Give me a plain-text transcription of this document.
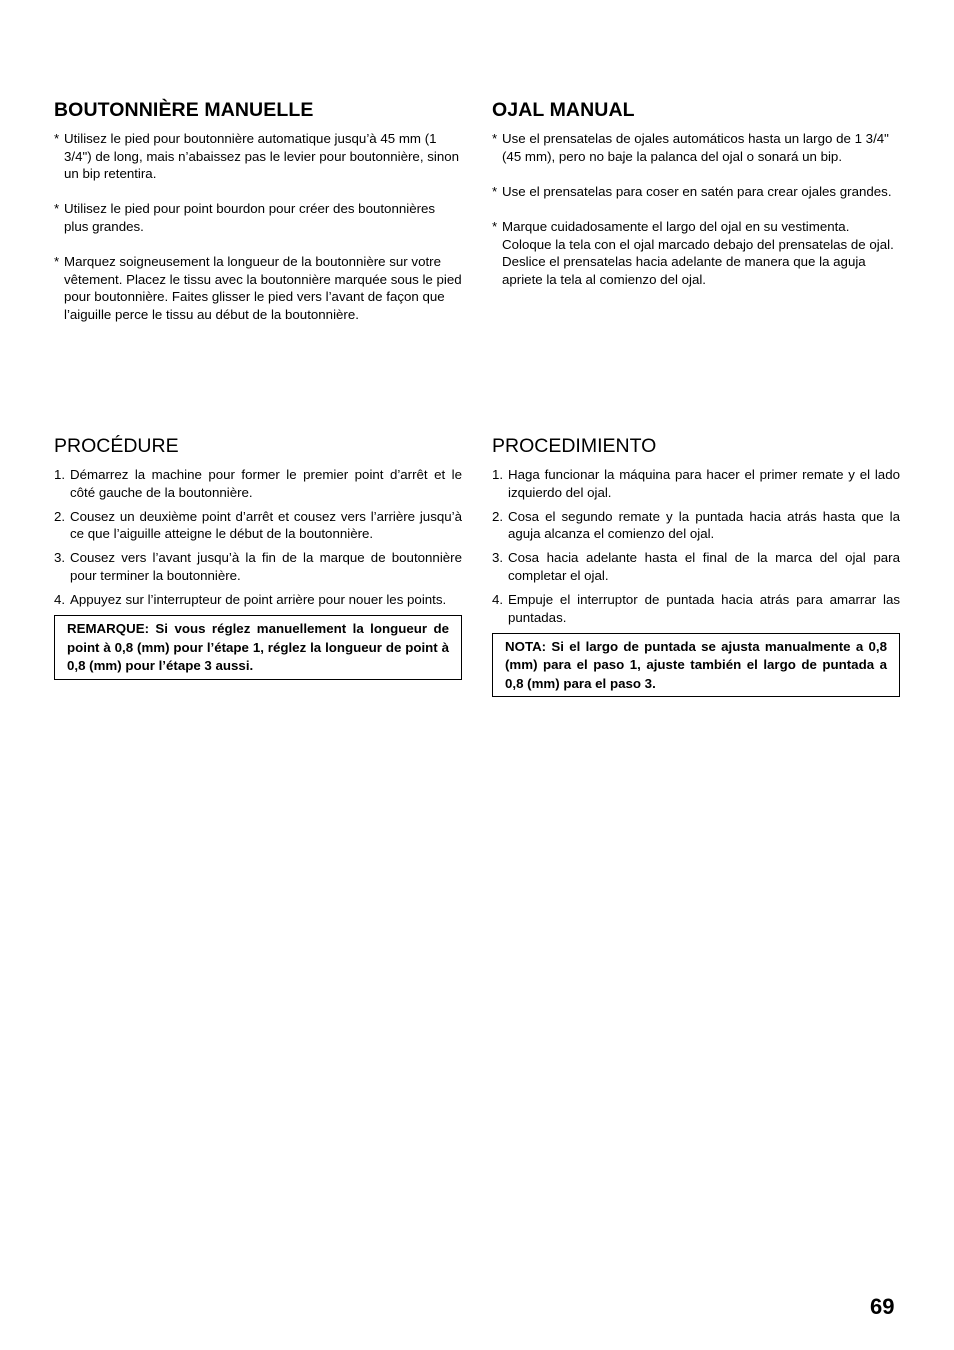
BOUTONNIÈRE MANUELLE
* Utilisez le pied pour boutonnière automatique jusqu’à 45 mm (1 3/4") de long, mais n’abaissez pas le levier pour boutonnière, sinon un bip retentira.
* Utilisez le pied pour point bourdon pour créer des boutonnières plus grandes.
* Marquez soigneusement la longueur de la boutonnière sur votre vêtement. Placez le tissu avec la boutonnière marquée sous le pied pour boutonnière. Faites glisser le pied vers l’avant de façon que l’aiguille perce le tissu au début de la boutonnière.
PROCÉDURE
1. Démarrez la machine pour former le premier point d’arrêt et le côté gauche de la boutonnière.
2. Cousez un deuxième point d’arrêt et cousez vers l’arrière jusqu’à ce que l’aiguille atteigne le début de la boutonnière.
3. Cousez vers l’avant jusqu’à la fin de la marque de boutonnière pour terminer la boutonnière.
4. Appuyez sur l’interrupteur de point arrière pour nouer les points.
REMARQUE: Si vous réglez manuellement la longueur de point à 0,8 (mm) pour l’étape 1, réglez la longueur de point à 0,8 (mm) pour l’étape 3 aussi.
OJAL MANUAL
* Use el prensatelas de ojales automáticos hasta un largo de 1 3/4" (45 mm), pero no baje la palanca del ojal o sonará un bip.
* Use el prensatelas para coser en satén para crear ojales grandes.
* Marque cuidadosamente el largo del ojal en su vestimenta. Coloque la tela con el ojal marcado debajo del prensatelas de ojal. Deslice el prensatelas hacia adelante de manera que la aguja apriete la tela al comienzo del ojal.
PROCEDIMIENTO
1. Haga funcionar la máquina para hacer el primer remate y el lado izquierdo del ojal.
2. Cosa el segundo remate y la puntada hacia atrás hasta que la aguja alcanza el comienzo del ojal.
3. Cosa hacia adelante hasta el final de la marca del ojal para completar el ojal.
4. Empuje el interruptor de puntada hacia atrás para amarrar las puntadas.
NOTA: Si el largo de puntada se ajusta manualmente a 0,8 (mm) para el paso 1, ajuste también el largo de puntada a 0,8 (mm) para el paso 3.
69
